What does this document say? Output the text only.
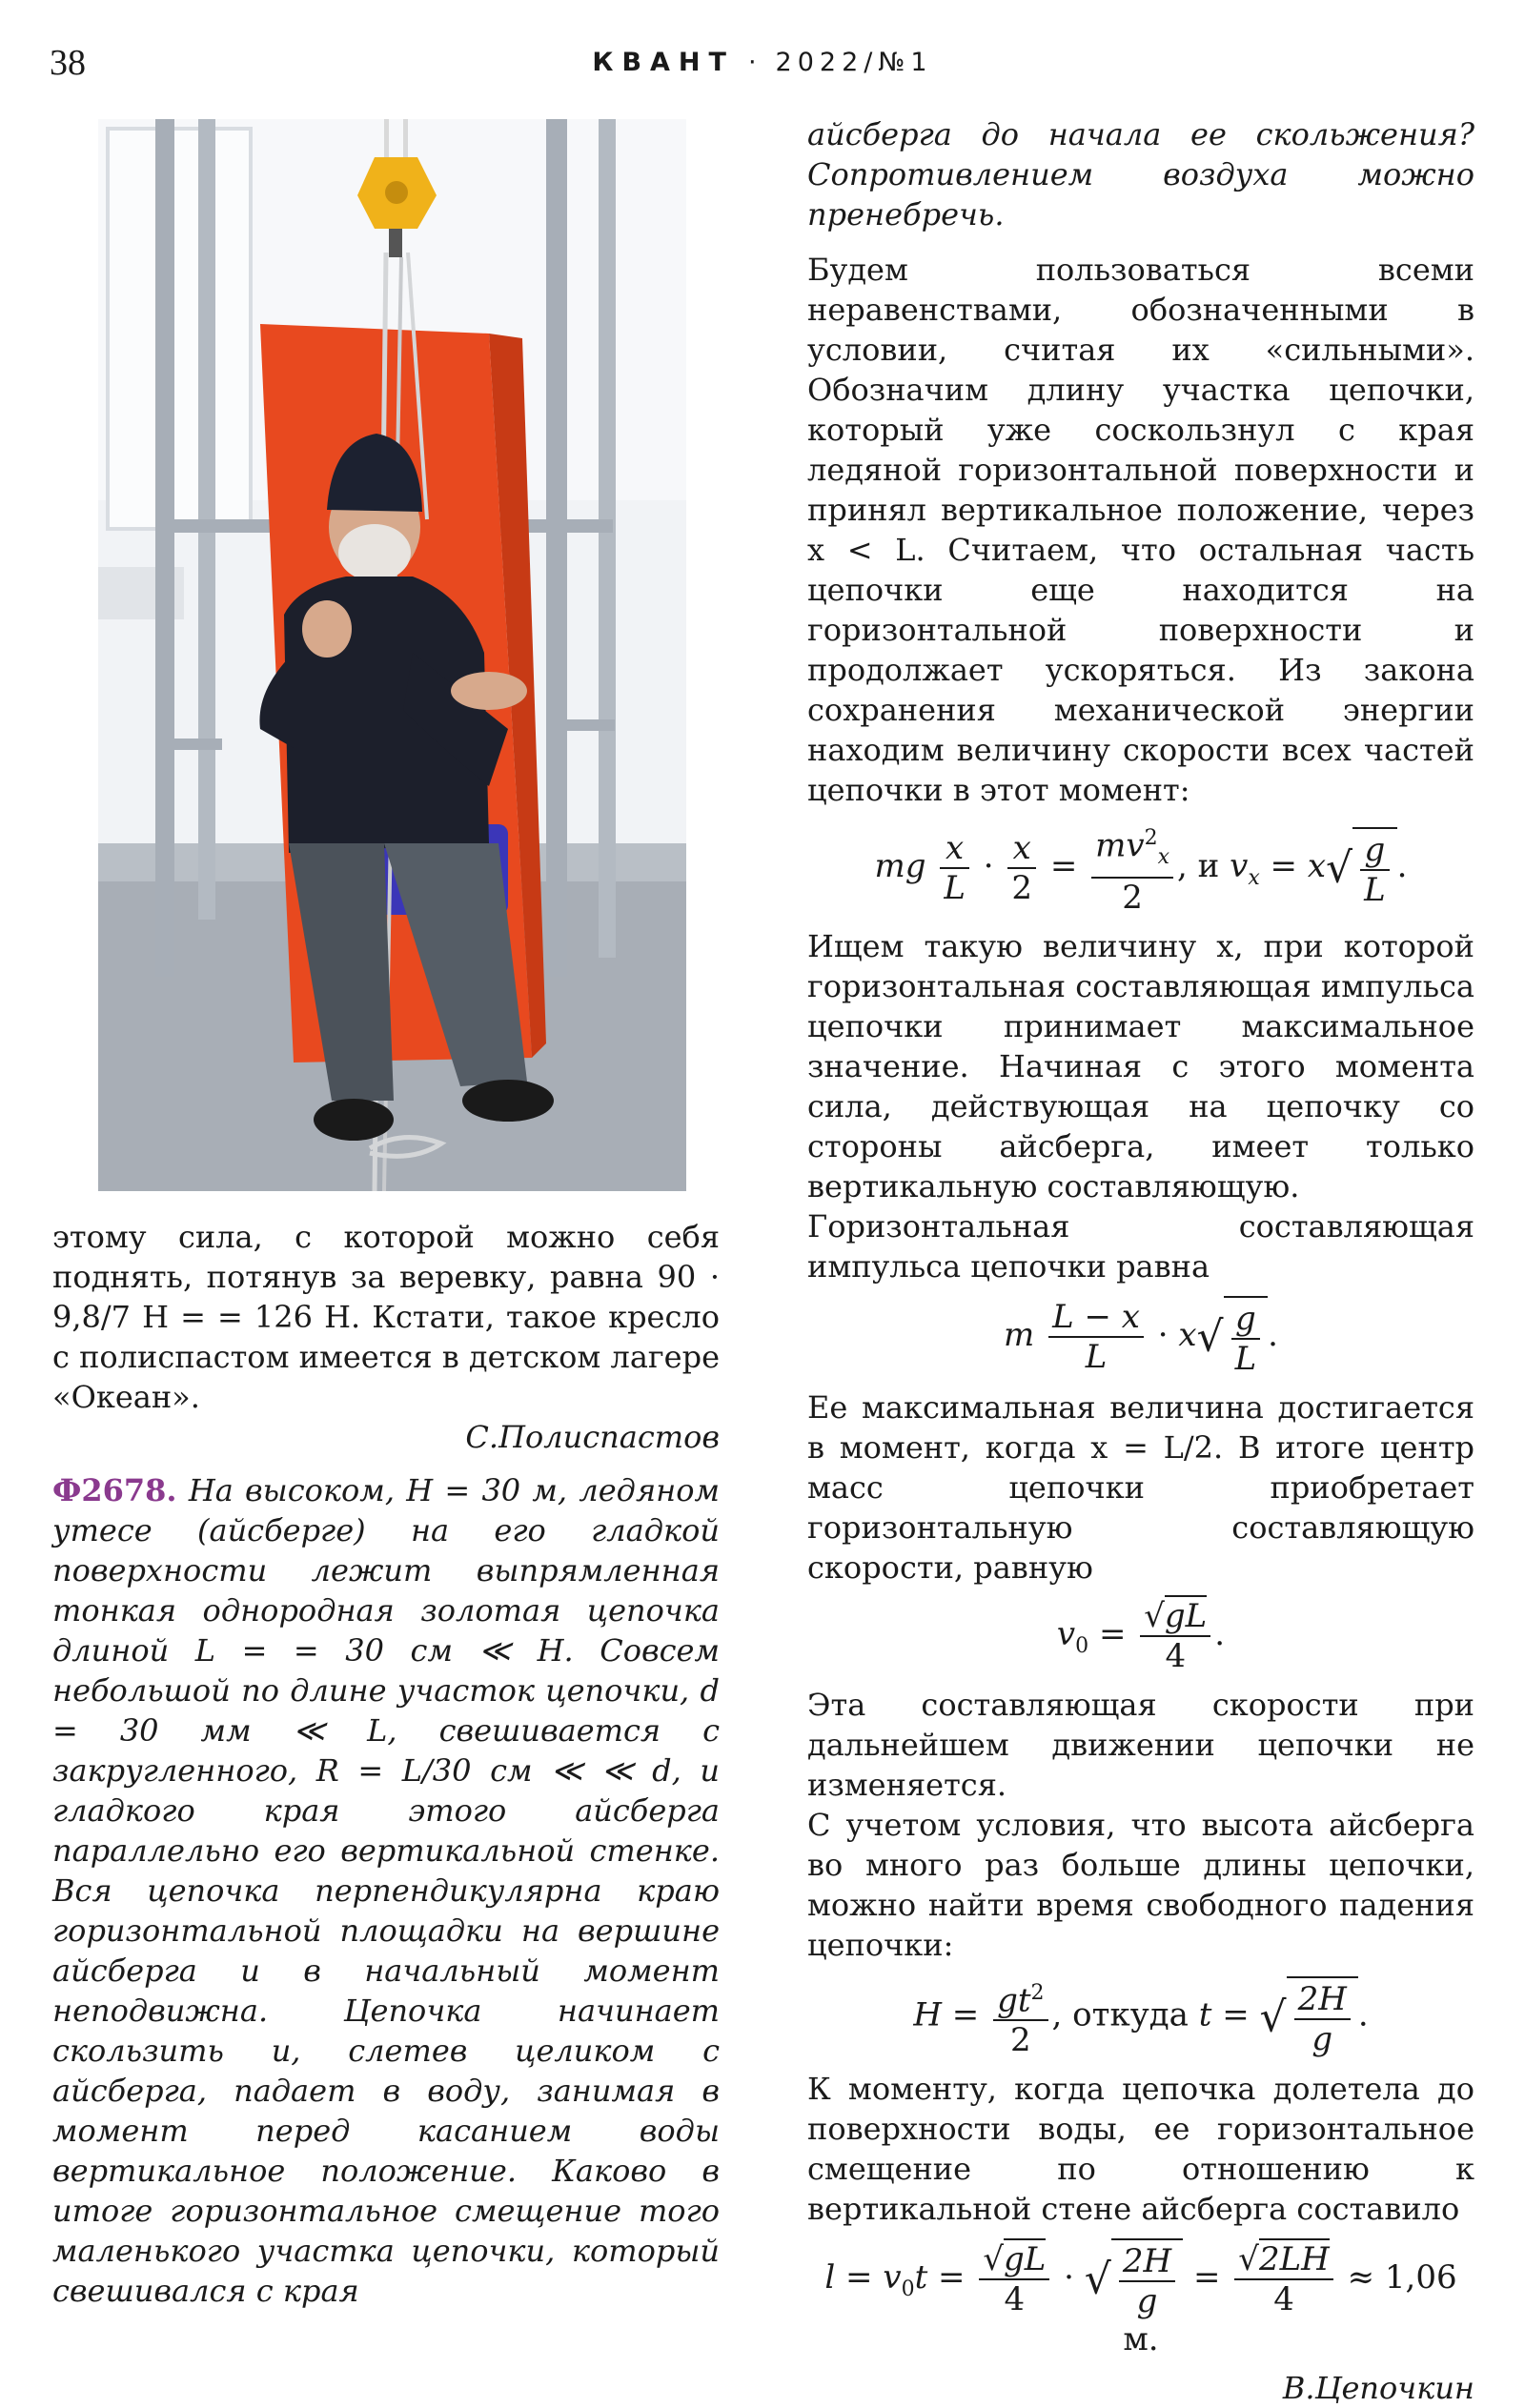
38	КВАНТ · 2022/№1

этому сила, с которой можно себя поднять, потянув за веревку, равна 90 · 9,8/7 Н = = 126 Н. Кстати, такое кресло с полиспастом имеется в детском лагере «Океан».

С.Полиспастов

Ф2678. На высоком, H = 30 м, ледяном утесе (айсберге) на его гладкой поверхности лежит выпрямленная тонкая однородная золотая цепочка длиной L = = 30 см ≪ H. Совсем небольшой по длине участок цепочки, d = 30 мм ≪ L, свешивается с закругленного, R = L/30 см ≪ ≪ d, и гладкого края этого айсберга параллельно его вертикальной стенке. Вся цепочка перпендикулярна краю горизонтальной площадки на вершине айсберга и в начальный момент неподвижна. Цепочка начинает скользить и, слетев целиком с айсберга, падает в воду, занимая в момент перед касанием воды вертикальное положение. Каково в итоге горизонтальное смещение того маленького участка цепочки, который свешивался с края

айсберга до начала ее скольжения? Сопротивлением воздуха можно пренебречь.

Будем пользоваться всеми неравенствами, обозначенными в условии, считая их «сильными». Обозначим длину участка цепочки, который уже соскользнул с края ледяной горизонтальной поверхности и принял вертикальное положение, через x < L. Считаем, что остальная часть цепочки еще находится на горизонтальной поверхности и продолжает ускоряться. Из закона сохранения механической энергии находим величину скорости всех частей цепочки в этот момент:

mg $\frac{x}{L} \cdot \frac{x}{2} = \frac{mv^2_x}{2}$ , и $v_x = x√ \frac{g}{L}$ .

Ищем такую величину x, при которой горизонтальная составляющая импульса цепочки принимает максимальное значение. Начиная с этого момента сила, действующая на цепочку со стороны айсберга, имеет только вертикальную составляющую.

Горизонтальная составляющая импульса цепочки равна

m $\frac{L - x}{L} \cdot x√ \frac{g}{L}$ .

Ее максимальная величина достигается в момент, когда x = L/2. В итоге центр масс цепочки приобретает горизонтальную составляющую скорости, равную

$v_0 = \frac{√gL}{4}$ .

Эта составляющая скорости при дальнейшем движении цепочки не изменяется.

С учетом условия, что высота айсберга во много раз больше длины цепочки, можно найти время свободного падения цепочки:

$H = \frac{gt^2}{2}$ , откуда t = √ $\frac{2H}{g}$ .

К моменту, когда цепочка долетела до поверхности воды, ее горизонтальное смещение по отношению к вертикальной стене айсберга составило

$l = v_0t = \frac{√gL}{4}$ · √ $\frac{2H}{g} = \frac{√2LH}{4} \approx 1,06$ м.

В.Цепочкин
